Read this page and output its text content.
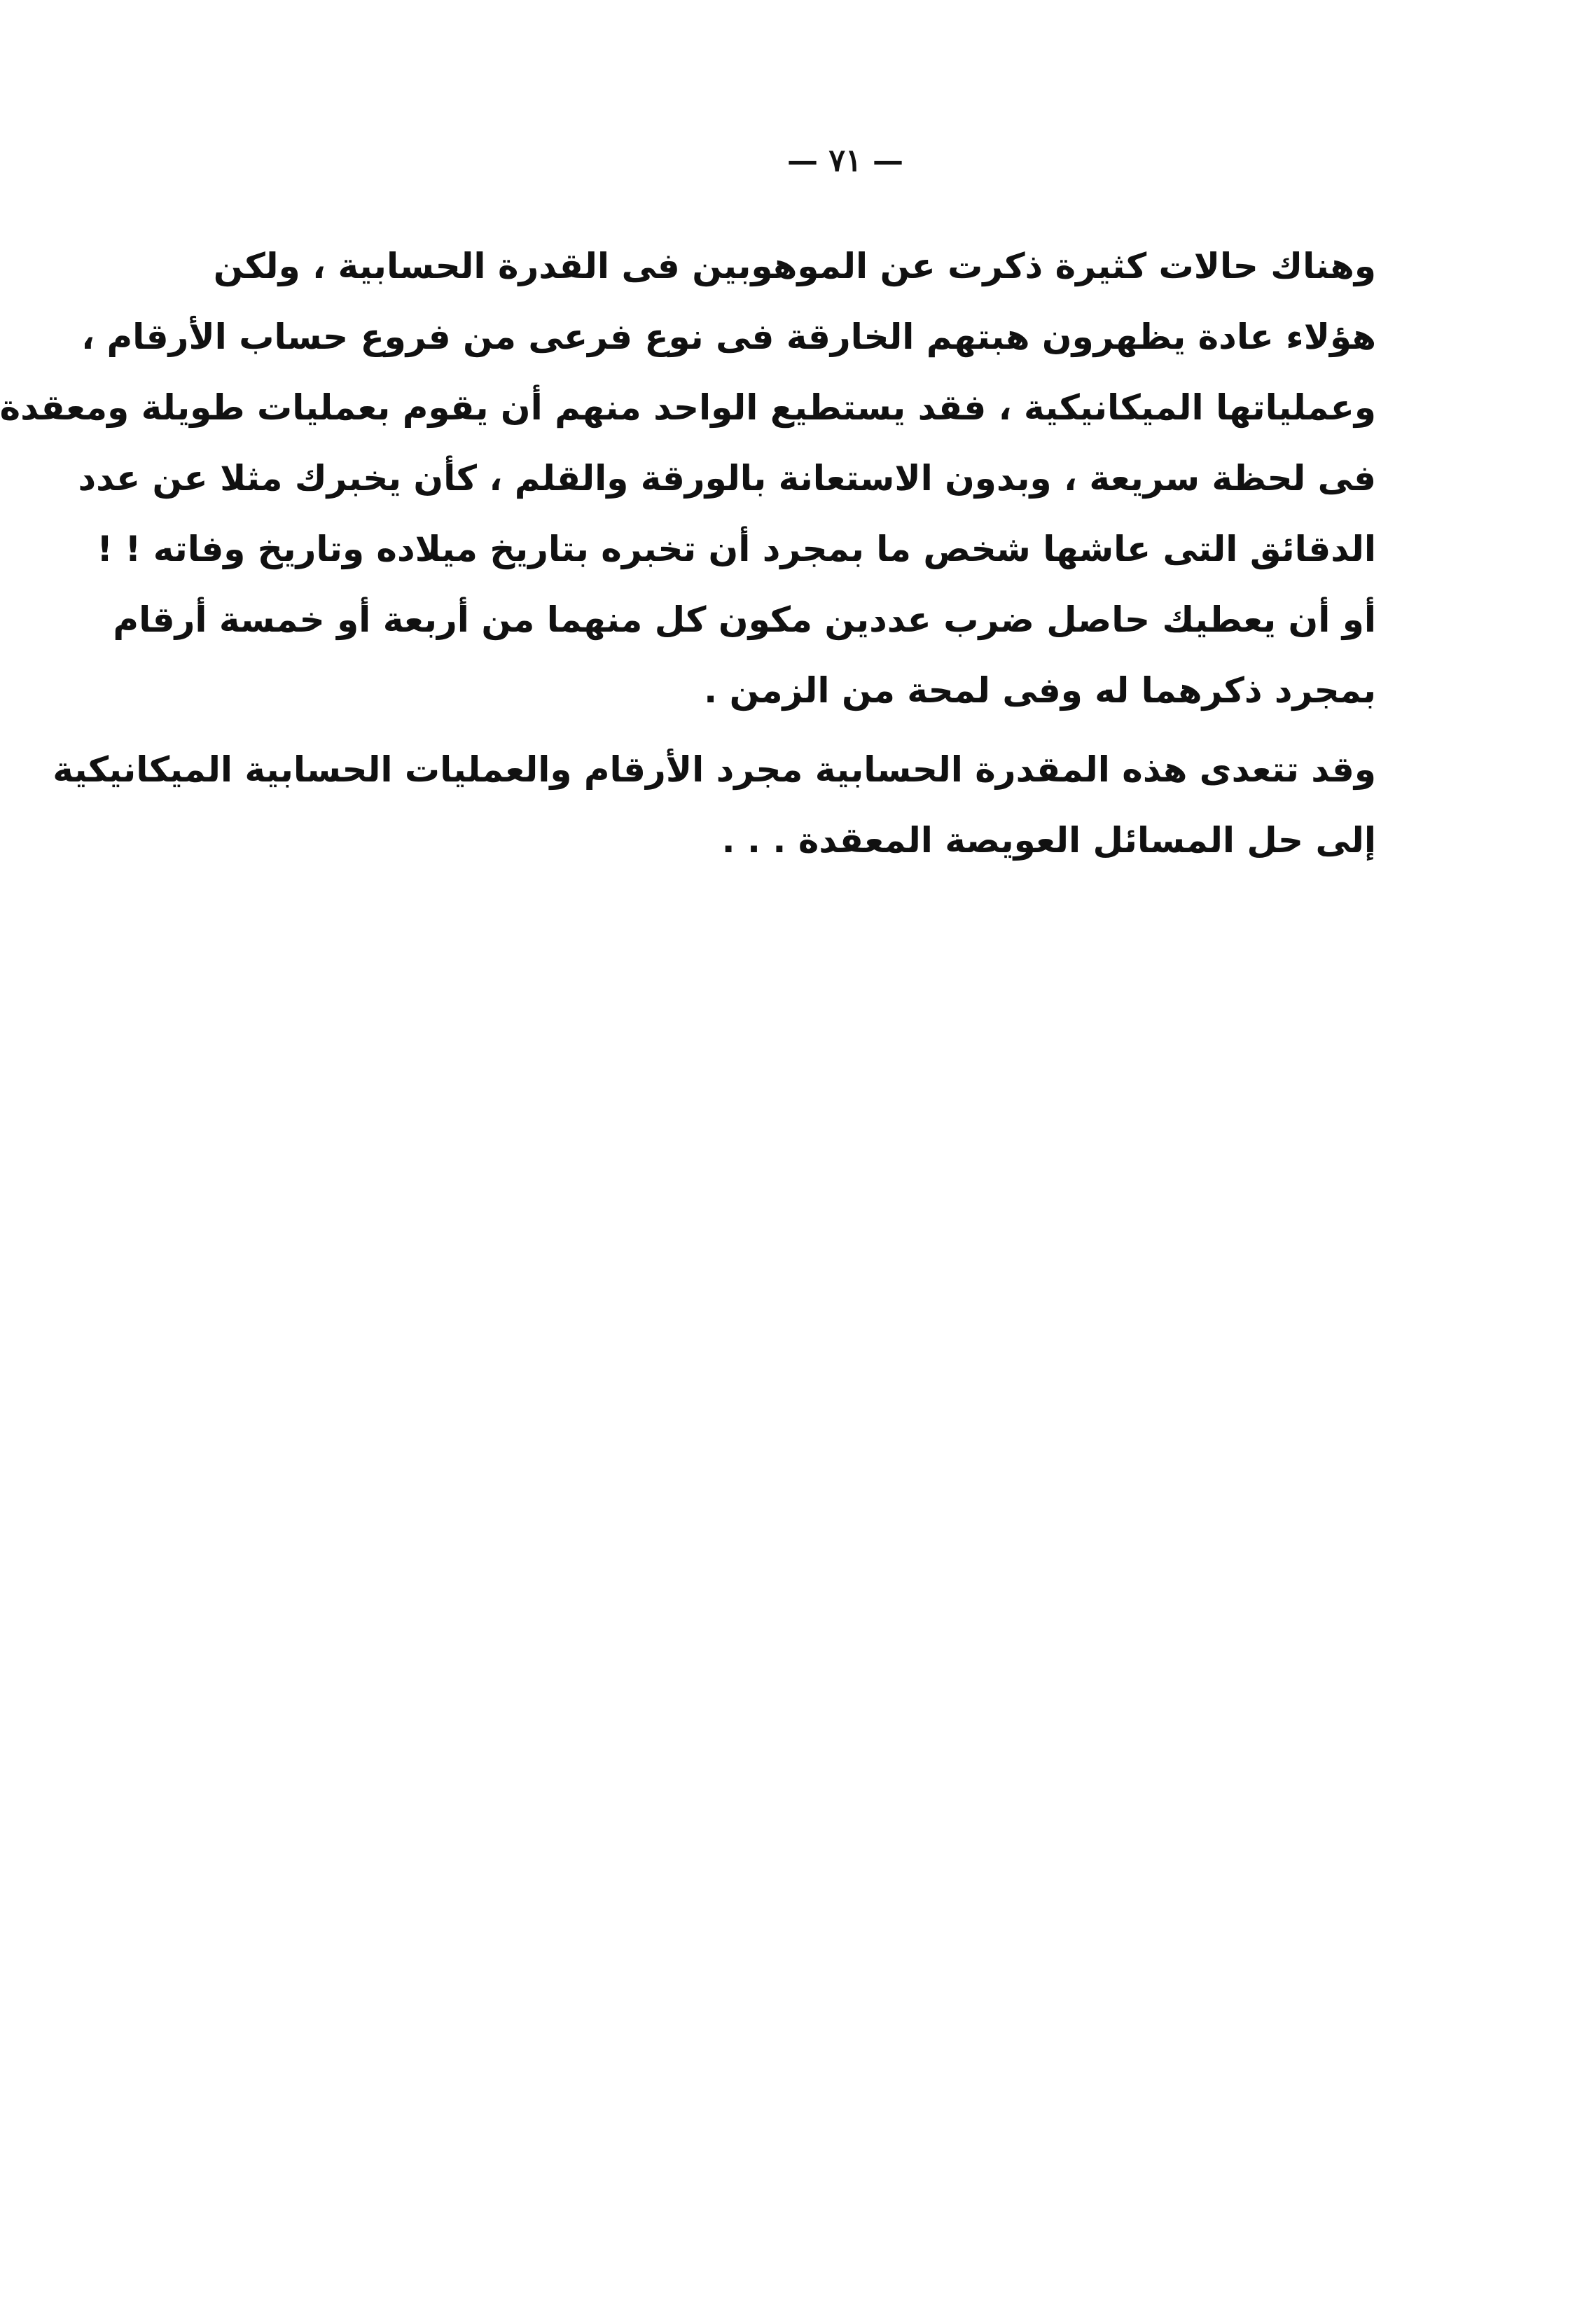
— ٧١ —
وهناك حالات كثيرة ذكرت عن الموهوبين فى القدرة الحسابية ، ولكن
هؤلاء عادة يظهرون هبتهم الخارقة فى نوع فرعى من فروع حساب الأرقام ،
وعملياتها الميكانيكية ، فقد يستطيع الواحد منهم أن يقوم بعمليات طويلة ومعقدة
فى لحظة سريعة ، وبدون الاستعانة بالورقة والقلم ، كأن يخبرك مثلا عن عدد
الدقائق التى عاشها شخص ما بمجرد أن تخبره بتاريخ ميلاده وتاريخ وفاته ! !
أو أن يعطيك حاصل ضرب عددين مكون كل منهما من أربعة أو خمسة أرقام
بمجرد ذكرهما له وفى لمحة من الزمن .
وقد تتعدى هذه المقدرة الحسابية مجرد الأرقام والعمليات الحسابية الميكانيكية
إلى حل المسائل العويصة المعقدة . . .
